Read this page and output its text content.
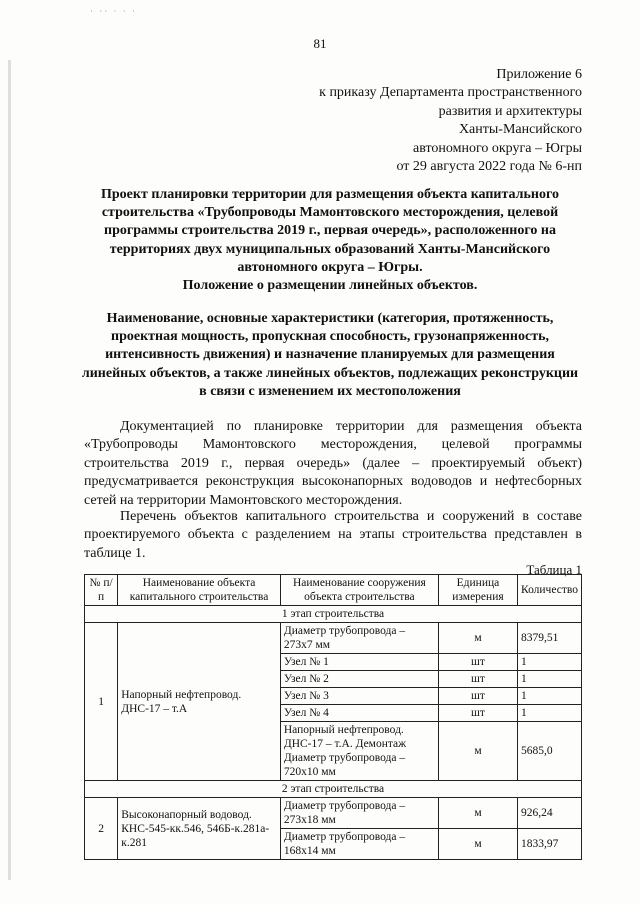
· ·· · · ·
81
Приложение 6
к приказу Департамента пространственного
развития и архитектуры
Ханты-Мансийского
автономного округа – Югры
от 29 августа 2022 года № 6-нп
Проект планировки территории для размещения объекта капитального строительства «Трубопроводы Мамонтовского месторождения, целевой программы строительства 2019 г., первая очередь», расположенного на территориях двух муниципальных образований Ханты-Мансийского автономного округа – Югры.
Положение о размещении линейных объектов.
Наименование, основные характеристики (категория, протяженность, проектная мощность, пропускная способность, грузонапряженность, интенсивность движения) и назначение планируемых для размещения линейных объектов, а также линейных объектов, подлежащих реконструкции в связи с изменением их местоположения
Документацией по планировке территории для размещения объекта «Трубопроводы Мамонтовского месторождения, целевой программы строительства 2019 г., первая очередь» (далее – проектируемый объект) предусматривается реконструкция высоконапорных водоводов и нефтесборных сетей на территории Мамонтовского месторождения.
Перечень объектов капитального строительства и сооружений в составе проектируемого объекта с разделением на этапы строительства представлен в таблице 1.
Таблица 1
№ п/п	Наименование объекта капитального строительства	Наименование сооружения объекта строительства	Единица измерения	Количество
1 этап строительства				
1	Напорный нефтепровод. ДНС-17 – т.А	Диаметр трубопровода – 273х7 мм	м	8379,51
		Узел № 1	шт	1
		Узел № 2	шт	1
		Узел № 3	шт	1
		Узел № 4	шт	1
		Напорный нефтепровод. ДНС-17 – т.А. Демонтаж Диаметр трубопровода – 720х10 мм	м	5685,0
2 этап строительства				
2	Высоконапорный водовод. КНС-545-кк.546, 546Б-к.281а-к.281	Диаметр трубопровода – 273х18 мм	м	926,24
		Диаметр трубопровода – 168х14 мм	м	1833,97
